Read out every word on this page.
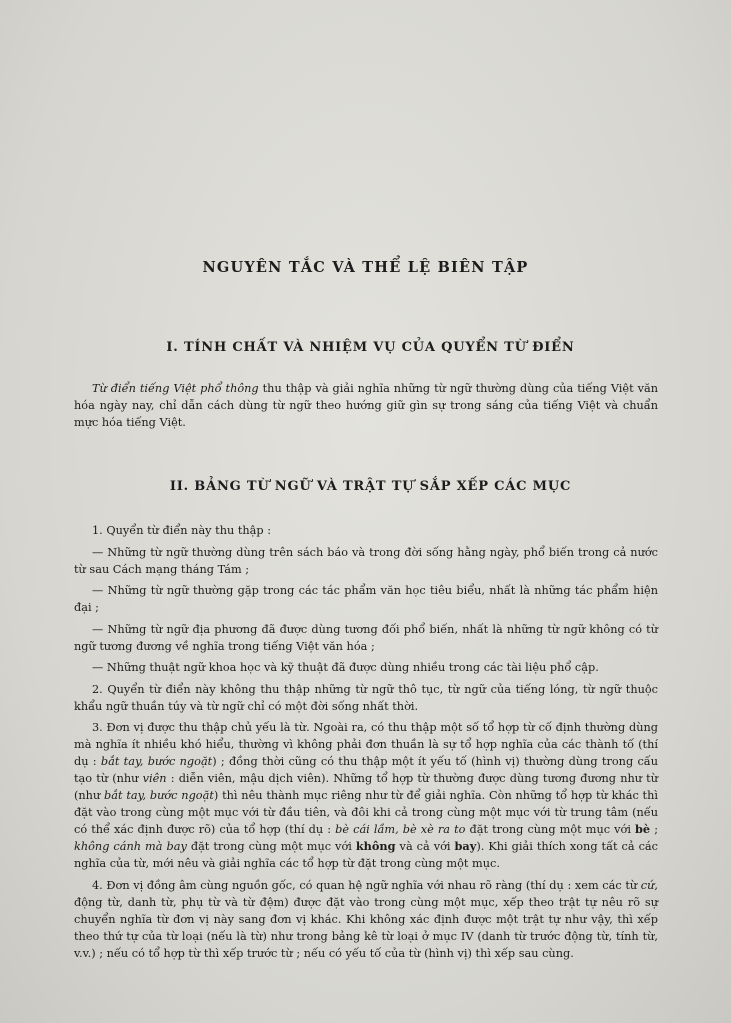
NGUYÊN TẮC VÀ THỂ LỆ BIÊN TẬP
I. TÍNH CHẤT VÀ NHIỆM VỤ CỦA QUYỂN TỪ ĐIỂN

Từ điển tiếng Việt phổ thông thu thập và giải nghĩa những từ ngữ thường dùng của tiếng Việt văn hóa ngày nay, chỉ dẫn cách dùng từ ngữ theo hướng giữ gìn sự trong sáng của tiếng Việt và chuẩn mực hóa tiếng Việt.

II. BẢNG TỪ NGỮ VÀ TRẬT TỰ SẮP XẾP CÁC MỤC

1. Quyển từ điển này thu thập :

— Những từ ngữ thường dùng trên sách báo và trong đời sống hằng ngày, phổ biến trong cả nước từ sau Cách mạng tháng Tám ;

— Những từ ngữ thường gặp trong các tác phẩm văn học tiêu biểu, nhất là những tác phẩm hiện đại ;

— Những từ ngữ địa phương đã được dùng tương đối phổ biến, nhất là những từ ngữ không có từ ngữ tương đương về nghĩa trong tiếng Việt văn hóa ;

— Những thuật ngữ khoa học và kỹ thuật đã được dùng nhiều trong các tài liệu phổ cập.

2. Quyển từ điển này không thu thập những từ ngữ thô tục, từ ngữ của tiếng lóng, từ ngữ thuộc khẩu ngữ thuần túy và từ ngữ chỉ có một đời sống nhất thời.

3. Đơn vị được thu thập chủ yếu là từ. Ngoài ra, có thu thập một số tổ hợp từ cố định thường dùng mà nghĩa ít nhiều khó hiểu, thường vì không phải đơn thuần là sự tổ hợp nghĩa của các thành tố (thí dụ : bắt tay, bước ngoặt) ; đồng thời cũng có thu thập một ít yếu tố (hình vị) thường dùng trong cấu tạo từ (như viên : diễn viên, mậu dịch viên). Những tổ hợp từ thường được dùng tương đương như từ (như bắt tay, bước ngoặt) thì nêu thành mục riêng như từ để giải nghĩa. Còn những tổ hợp từ khác thì đặt vào trong cùng một mục với từ đầu tiên, và đôi khi cả trong cùng một mục với từ trung tâm (nếu có thể xác định được rõ) của tổ hợp (thí dụ : bè cái lầm, bè xè ra to đặt trong cùng một mục với bè ; không cánh mà bay đặt trong cùng một mục với không và cả với bay). Khi giải thích xong tất cả các nghĩa của từ, mới nêu và giải nghĩa các tổ hợp từ đặt trong cùng một mục.

4. Đơn vị đồng âm cùng nguồn gốc, có quan hệ ngữ nghĩa với nhau rõ ràng (thí dụ : xem các từ cứ, động từ, danh từ, phụ từ và từ đệm) được đặt vào trong cùng một mục, xếp theo trật tự nêu rõ sự chuyển nghĩa từ đơn vị này sang đơn vị khác. Khi không xác định được một trật tự như vậy, thì xếp theo thứ tự của từ loại (nếu là từ) như trong bảng kê từ loại ở mục IV (danh từ trước động từ, tính từ, v.v.) ; nếu có tổ hợp từ thì xếp trước từ ; nếu có yếu tố của từ (hình vị) thì xếp sau cùng.
